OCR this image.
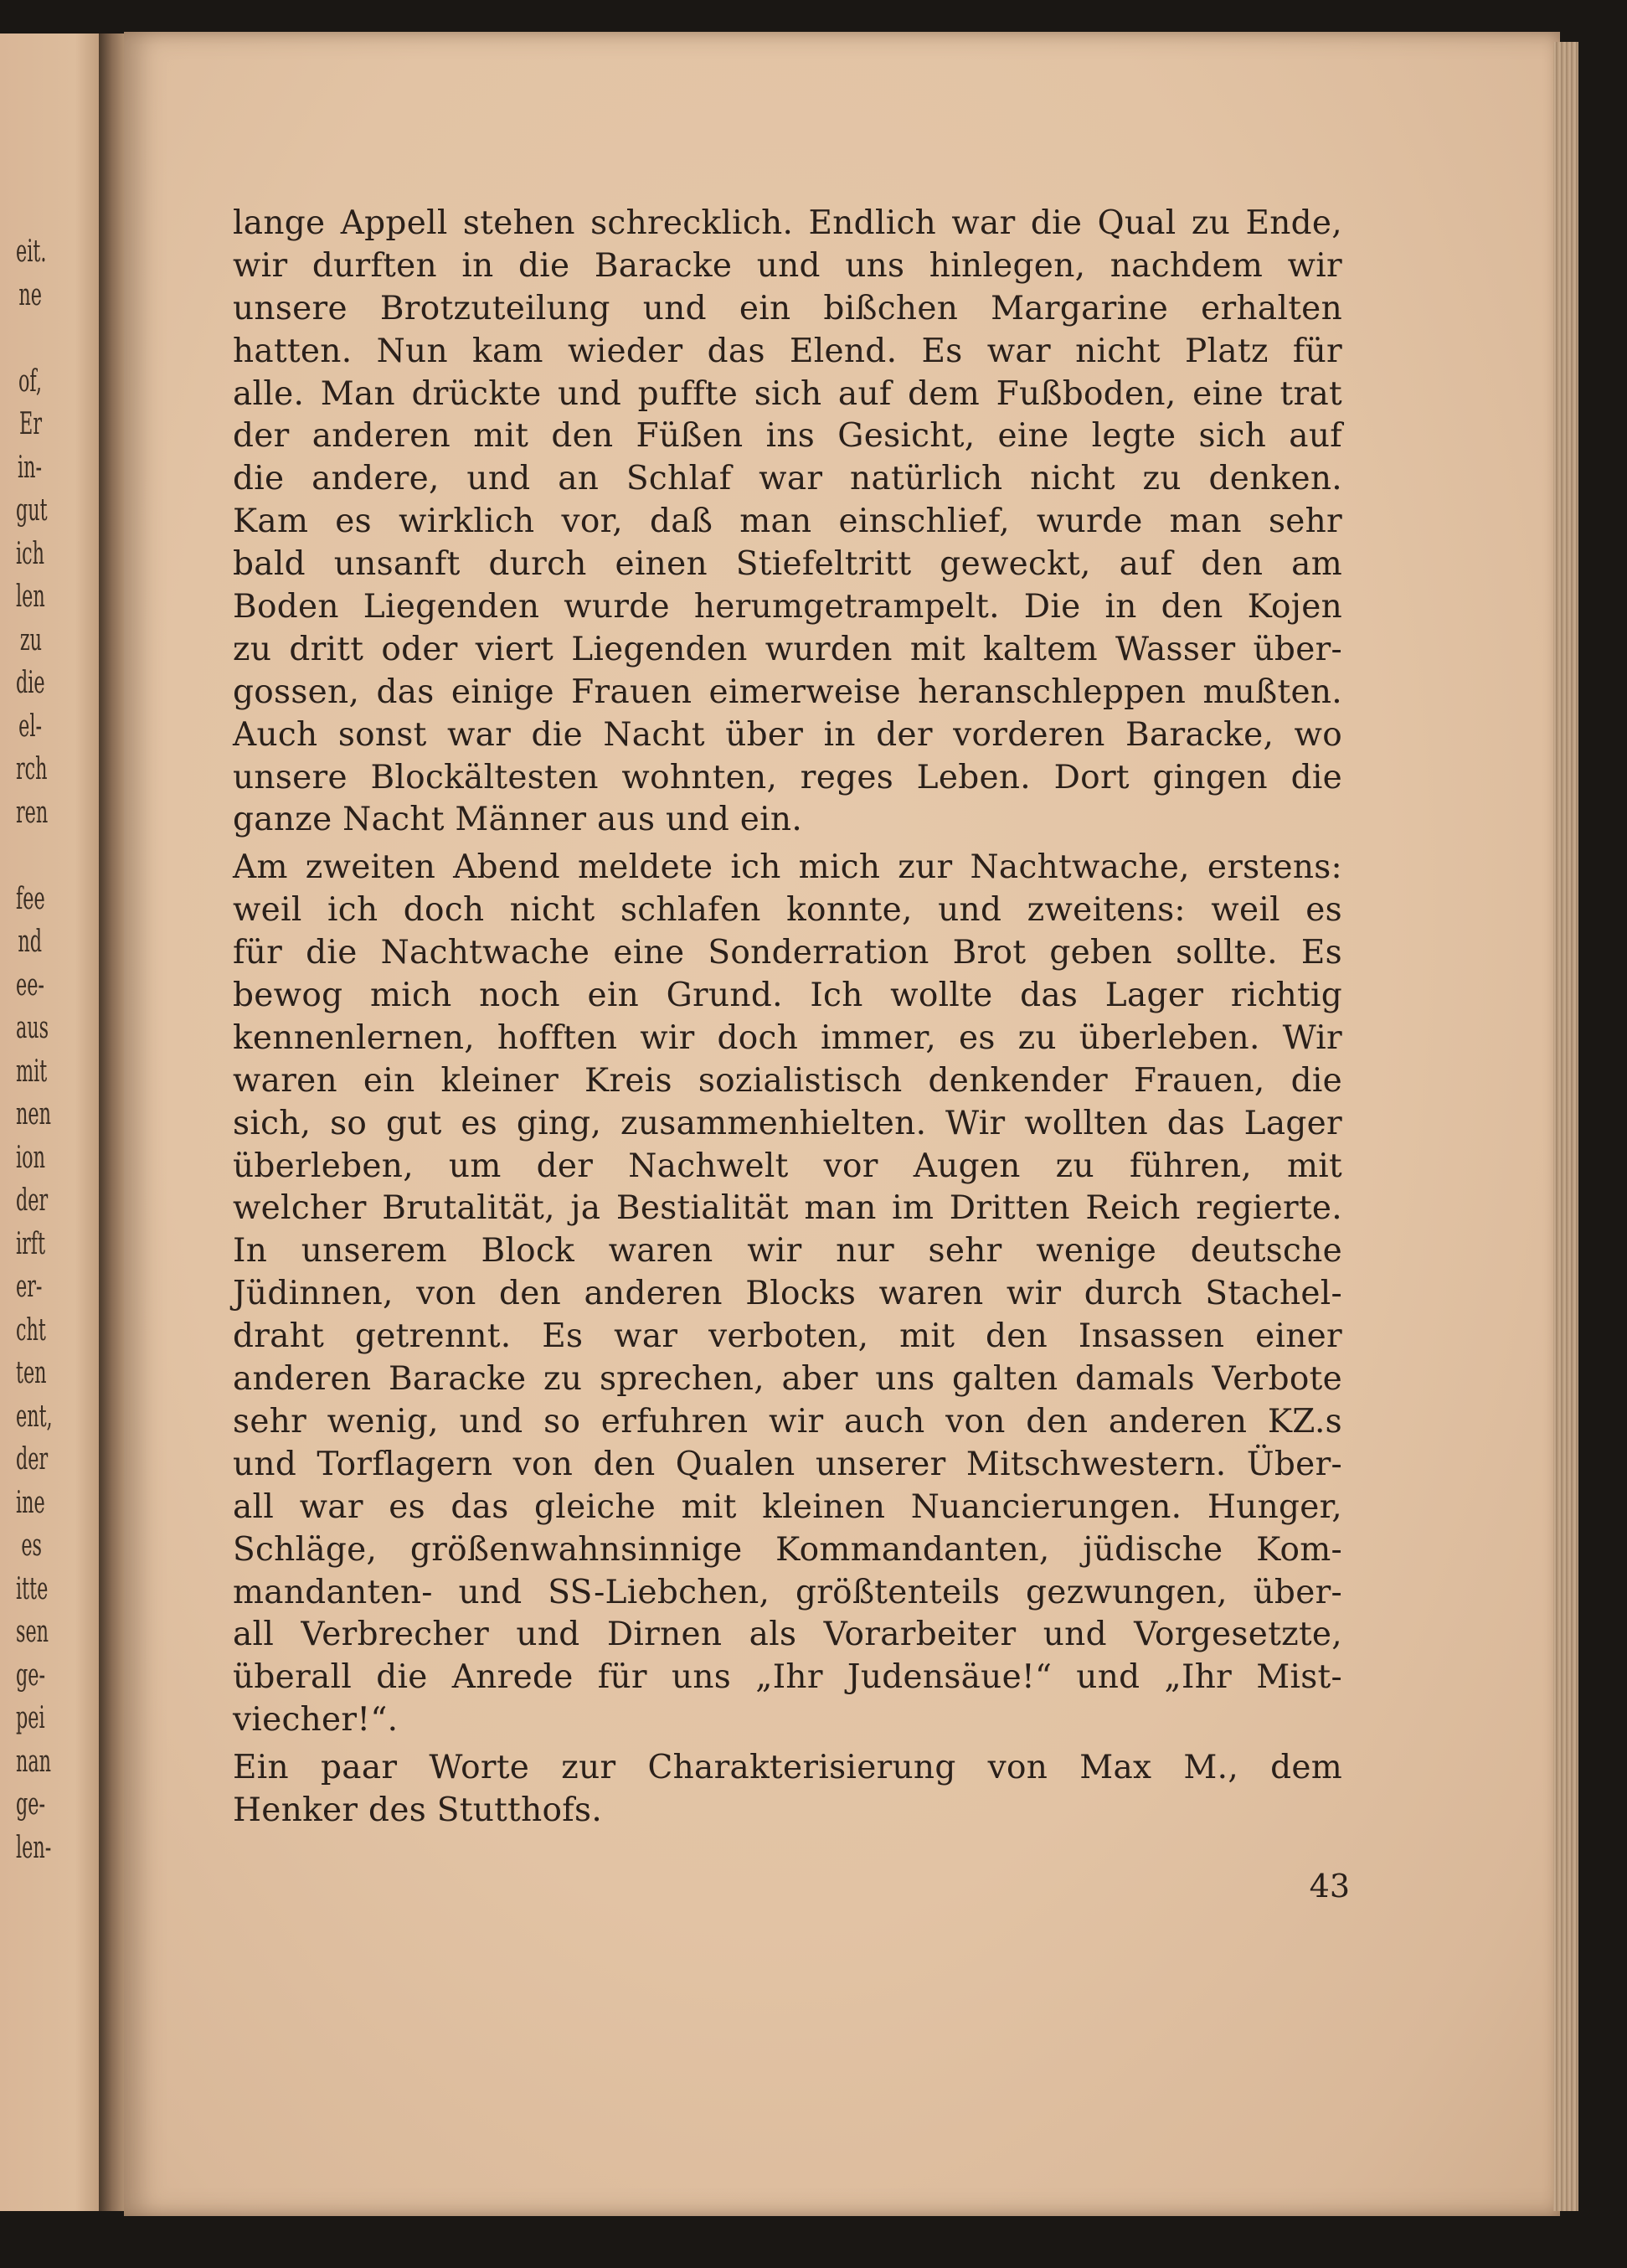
eit.
ne
of,
Er
in-
gut
ich
len
zu
die
el-
rch
ren
fee
nd
ee-
aus
mit
nen
ion
der
irft
er-
cht
ten
ent,
der
ine
es
itte
sen
ge-
pei
nan
ge-
len-
lange Appell stehen schrecklich. Endlich war die Qual zu Ende,
wir durften in die Baracke und uns hinlegen, nachdem wir
unsere Brotzuteilung und ein bißchen Margarine erhalten
hatten. Nun kam wieder das Elend. Es war nicht Platz für
alle. Man drückte und puffte sich auf dem Fußboden, eine trat
der anderen mit den Füßen ins Gesicht, eine legte sich auf
die andere, und an Schlaf war natürlich nicht zu denken.
Kam es wirklich vor, daß man einschlief, wurde man sehr
bald unsanft durch einen Stiefeltritt geweckt, auf den am
Boden Liegenden wurde herumgetrampelt. Die in den Kojen
zu dritt oder viert Liegenden wurden mit kaltem Wasser über-
gossen, das einige Frauen eimerweise heranschleppen mußten.
Auch sonst war die Nacht über in der vorderen Baracke, wo
unsere Blockältesten wohnten, reges Leben. Dort gingen die
ganze Nacht Männer aus und ein.
Am zweiten Abend meldete ich mich zur Nachtwache, erstens:
weil ich doch nicht schlafen konnte, und zweitens: weil es
für die Nachtwache eine Sonderration Brot geben sollte. Es
bewog mich noch ein Grund. Ich wollte das Lager richtig
kennenlernen, hofften wir doch immer, es zu überleben. Wir
waren ein kleiner Kreis sozialistisch denkender Frauen, die
sich, so gut es ging, zusammenhielten. Wir wollten das Lager
überleben, um der Nachwelt vor Augen zu führen, mit
welcher Brutalität, ja Bestialität man im Dritten Reich regierte.
In unserem Block waren wir nur sehr wenige deutsche
Jüdinnen, von den anderen Blocks waren wir durch Stachel-
draht getrennt. Es war verboten, mit den Insassen einer
anderen Baracke zu sprechen, aber uns galten damals Verbote
sehr wenig, und so erfuhren wir auch von den anderen KZ.s
und Torflagern von den Qualen unserer Mitschwestern. Über-
all war es das gleiche mit kleinen Nuancierungen. Hunger,
Schläge, größenwahnsinnige Kommandanten, jüdische Kom-
mandanten- und SS-Liebchen, größtenteils gezwungen, über-
all Verbrecher und Dirnen als Vorarbeiter und Vorgesetzte,
überall die Anrede für uns „Ihr Judensäue!“ und „Ihr Mist-
viecher!“.
Ein paar Worte zur Charakterisierung von Max M., dem
Henker des Stutthofs.
43
